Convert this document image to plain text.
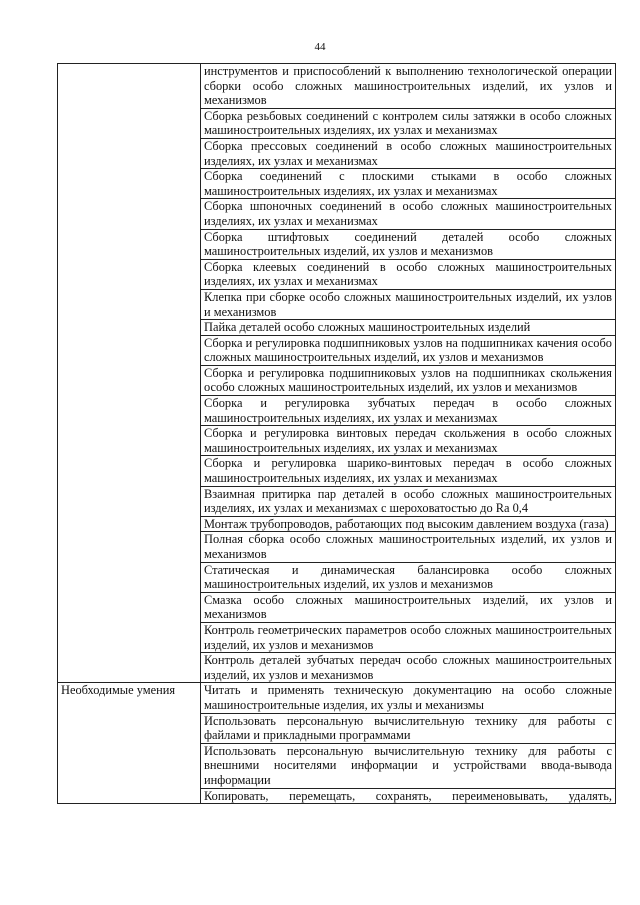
44

	инструментов и приспособлений к выполнению технологической операции сборки особо сложных машиностроительных изделий, их узлов и механизмов

	Сборка резьбовых соединений с контролем силы затяжки в особо сложных машиностроительных изделиях, их узлах и механизмах

	Сборка прессовых соединений в особо сложных машиностроительных изделиях, их узлах и механизмах

	Сборка соединений с плоскими стыками в особо сложных машиностроительных изделиях, их узлах и механизмах

	Сборка шпоночных соединений в особо сложных машиностроительных изделиях, их узлах и механизмах

	Сборка штифтовых соединений деталей особо сложных машиностроительных изделий, их узлов и механизмов

	Сборка клеевых соединений в особо сложных машиностроительных изделиях, их узлах и механизмах

	Клепка при сборке особо сложных машиностроительных изделий, их узлов и механизмов

	Пайка деталей особо сложных машиностроительных изделий

	Сборка и регулировка подшипниковых узлов на подшипниках качения особо сложных машиностроительных изделий, их узлов и механизмов

	Сборка и регулировка подшипниковых узлов на подшипниках скольжения особо сложных машиностроительных изделий, их узлов и механизмов

	Сборка и регулировка зубчатых передач в особо сложных машиностроительных изделиях, их узлах и механизмах

	Сборка и регулировка винтовых передач скольжения в особо сложных машиностроительных изделиях, их узлах и механизмах

	Сборка и регулировка шарико-винтовых передач в особо сложных машиностроительных изделиях, их узлах и механизмах

	Взаимная притирка пар деталей в особо сложных машиностроительных изделиях, их узлах и механизмах с шероховатостью до Ra 0,4

	Монтаж трубопроводов, работающих под высоким давлением воздуха (газа)

	Полная сборка особо сложных машиностроительных изделий, их узлов и механизмов

	Статическая и динамическая балансировка особо сложных машиностроительных изделий, их узлов и механизмов

	Смазка особо сложных машиностроительных изделий, их узлов и механизмов

	Контроль геометрических параметров особо сложных машиностроительных изделий, их узлов и механизмов

	Контроль деталей зубчатых передач особо сложных машиностроительных изделий, их узлов и механизмов

Необходимые умения	Читать и применять техническую документацию на особо сложные машиностроительные изделия, их узлы и механизмы

	Использовать персональную вычислительную технику для работы с файлами и прикладными программами

	Использовать персональную вычислительную технику для работы с внешними носителями информации и устройствами ввода-вывода информации

	Копировать, перемещать, сохранять, переименовывать, удалять,
